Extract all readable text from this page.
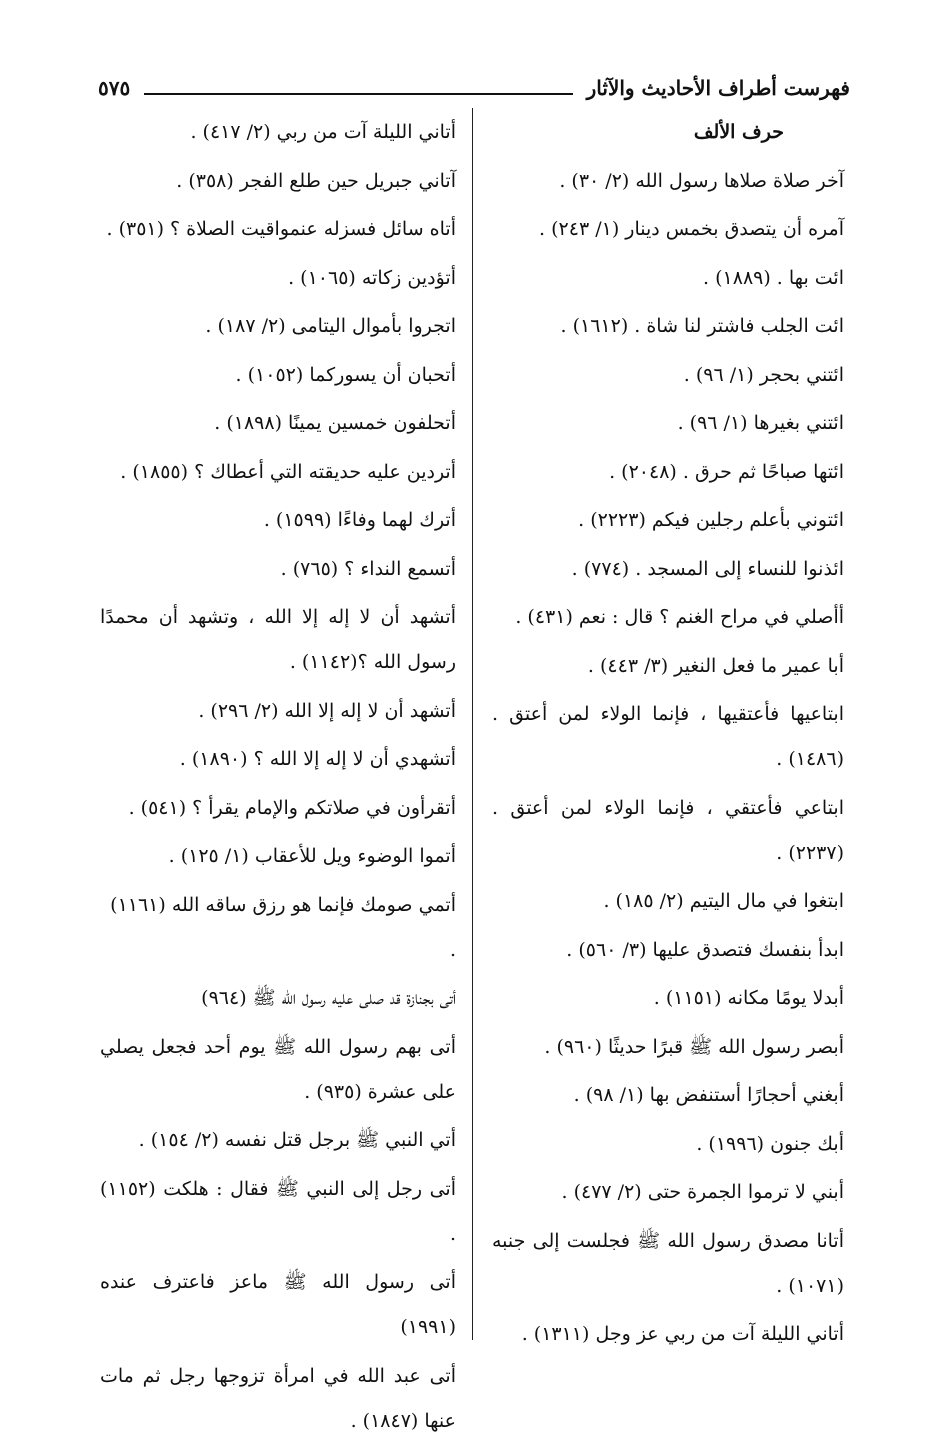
فهرست أطراف الأحاديث والآثار
٥٧٥
حرف الألف
آخر صلاة صلاها رسول الله (٢/ ٣٠) .
آمره أن يتصدق بخمس دينار (١/ ٢٤٣) .
ائت بها . (١٨٨٩) .
ائت الجلب فاشتر لنا شاة . (١٦١٢) .
ائتني بحجر (١/ ٩٦) .
ائتني بغيرها (١/ ٩٦) .
ائتها صباحًا ثم حرق . (٢٠٤٨) .
ائتوني بأعلم رجلين فيكم (٢٢٢٣) .
ائذنوا للنساء إلى المسجد . (٧٧٤) .
أأصلي في مراح الغنم ؟ قال : نعم (٤٣١) .
أبا عمير ما فعل النغير (٣/ ٤٤٣) .
ابتاعيها فأعتقيها ، فإنما الولاء لمن أعتق . (١٤٨٦) .
ابتاعي فأعتقي ، فإنما الولاء لمن أعتق . (٢٢٣٧) .
ابتغوا في مال اليتيم (٢/ ١٨٥) .
ابدأ بنفسك فتصدق عليها (٣/ ٥٦٠) .
أبدلا يومًا مكانه (١١٥١) .
أبصر رسول الله ﷺ قبرًا حديثًا (٩٦٠) .
أبغني أحجارًا أستنفض بها (١/ ٩٨) .
أبك جنون (١٩٩٦) .
أبني لا ترموا الجمرة حتى (٢/ ٤٧٧) .
أتانا مصدق رسول الله ﷺ فجلست إلى جنبه (١٠٧١) .
أتاني الليلة آت من ربي عز وجل (١٣١١) .
أتاني الليلة آت من ربي (٢/ ٤١٧) .
آتاني جبريل حين طلع الفجر (٣٥٨) .
أتاه سائل فسزله عنمواقيت الصلاة ؟ (٣٥١) .
أتؤدين زكاته (١٠٦٥) .
اتجروا بأموال اليتامى (٢/ ١٨٧) .
أتحبان أن يسوركما (١٠٥٢) .
أتحلفون خمسين يمينًا (١٨٩٨) .
أتردين عليه حديقته التي أعطاك ؟ (١٨٥٥) .
أترك لهما وفاءًا (١٥٩٩) .
أتسمع النداء ؟ (٧٦٥) .
أتشهد أن لا إله إلا الله ، وتشهد أن محمدًا رسول الله ؟(١١٤٢) .
أتشهد أن لا إله إلا الله (٢/ ٢٩٦) .
أتشهدي أن لا إله إلا الله ؟ (١٨٩٠) .
أتقرأون في صلاتكم والإمام يقرأ ؟ (٥٤١) .
أتموا الوضوء ويل للأعقاب (١/ ١٢٥) .
أتمي صومك فإنما هو رزق ساقه الله (١١٦١) .
أتى بجنازة قد صلى عليه رسول الله ﷺ (٩٦٤)
أتى بهم رسول الله ﷺ يوم أحد فجعل يصلي على عشرة (٩٣٥) .
أتي النبي ﷺ برجل قتل نفسه (٢/ ١٥٤) .
أتى رجل إلى النبي ﷺ فقال : هلكت (١١٥٢) .
أتى رسول الله ﷺ ماعز فاعترف عنده (١٩٩١)
أتى عبد الله في امرأة تزوجها رجل ثم مات عنها (١٨٤٧) .
